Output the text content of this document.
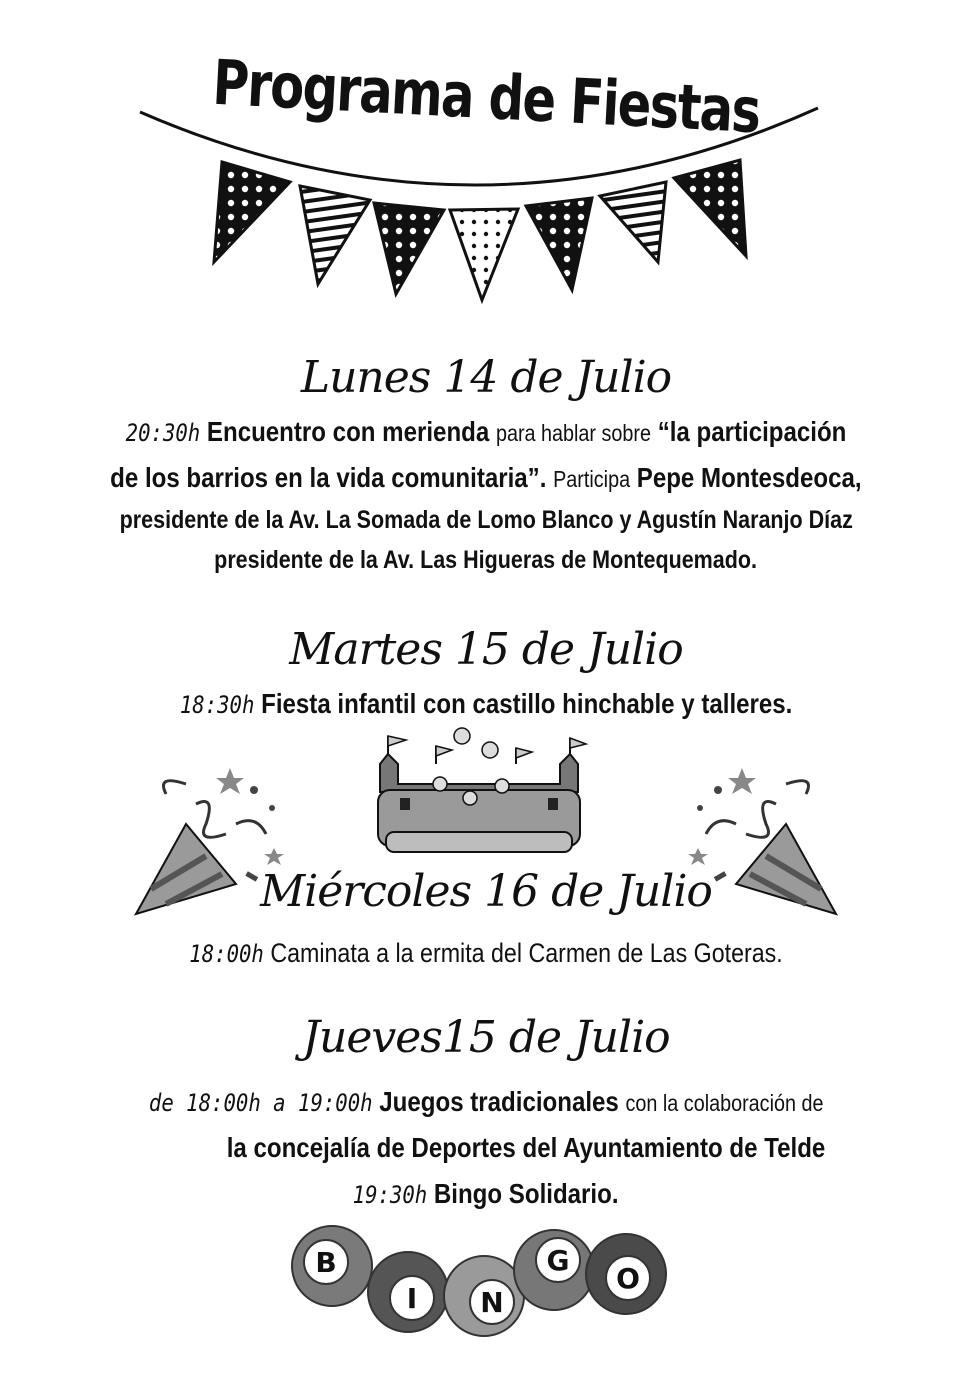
Programa de Fiestas
Lunes 14 de Julio
20:30h Encuentro con merienda para hablar sobre “la participación
de los barrios en la vida comunitaria”. Participa Pepe Montesdeoca,
presidente de la Av. La Somada de Lomo Blanco y Agustín Naranjo Díaz
presidente de la Av. Las Higueras de Montequemado.
Martes 15 de Julio
18:30h Fiesta infantil con castillo hinchable y talleres.
Miércoles 16 de Julio
18:00h Caminata a la ermita del Carmen de Las Goteras.
Jueves15 de Julio
de 18:00h a 19:00h Juegos tradicionales con la colaboración de
la concejalía de Deportes del Ayuntamiento de Telde
19:30h Bingo Solidario.
B
I N
G
O
